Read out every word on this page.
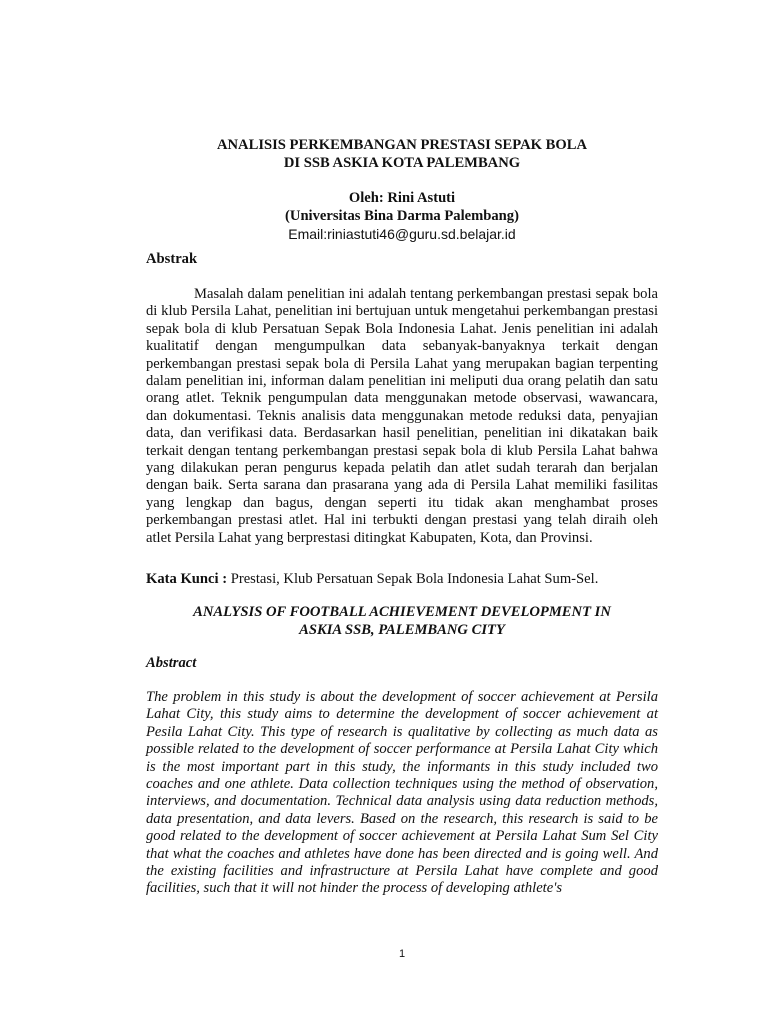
ANALISIS PERKEMBANGAN PRESTASI SEPAK BOLA
DI SSB ASKIA KOTA PALEMBANG
Oleh: Rini Astuti
(Universitas Bina Darma Palembang)
Email:riniastuti46@guru.sd.belajar.id
Abstrak

Masalah dalam penelitian ini adalah tentang perkembangan prestasi sepak bola di klub Persila Lahat, penelitian ini bertujuan untuk mengetahui perkembangan prestasi sepak bola di klub Persatuan Sepak Bola Indonesia Lahat. Jenis penelitian ini adalah kualitatif dengan mengumpulkan data sebanyak-banyaknya terkait dengan perkembangan prestasi sepak bola di Persila Lahat yang merupakan bagian terpenting dalam penelitian ini, informan dalam penelitian ini meliputi dua orang pelatih dan satu orang atlet. Teknik pengumpulan data menggunakan metode observasi, wawancara, dan dokumentasi. Teknis analisis data menggunakan metode reduksi data, penyajian data, dan verifikasi data. Berdasarkan hasil penelitian, penelitian ini dikatakan baik terkait dengan tentang perkembangan prestasi sepak bola di klub Persila Lahat bahwa yang dilakukan peran pengurus kepada pelatih dan atlet sudah terarah dan berjalan dengan baik. Serta sarana dan prasarana yang ada di Persila Lahat memiliki fasilitas yang lengkap dan bagus, dengan seperti itu tidak akan menghambat proses perkembangan prestasi atlet. Hal ini terbukti dengan prestasi yang telah diraih oleh atlet Persila Lahat yang berprestasi ditingkat Kabupaten, Kota, dan Provinsi.

Kata Kunci : Prestasi, Klub Persatuan Sepak Bola Indonesia Lahat Sum-Sel.
ANALYSIS OF FOOTBALL ACHIEVEMENT DEVELOPMENT IN
ASKIA SSB, PALEMBANG CITY
Abstract

The problem in this study is about the development of soccer achievement at Persila Lahat City, this study aims to determine the development of soccer achievement at Pesila Lahat City. This type of research is qualitative by collecting as much data as possible related to the development of soccer performance at Persila Lahat City which is the most important part in this study, the informants in this study included two coaches and one athlete. Data collection techniques using the method of observation, interviews, and documentation. Technical data analysis using data reduction methods, data presentation, and data levers. Based on the research, this research is said to be good related to the development of soccer achievement at Persila Lahat Sum Sel City that what the coaches and athletes have done has been directed and is going well. And the existing facilities and infrastructure at Persila Lahat have complete and good facilities, such that it will not hinder the process of developing athlete's

1
